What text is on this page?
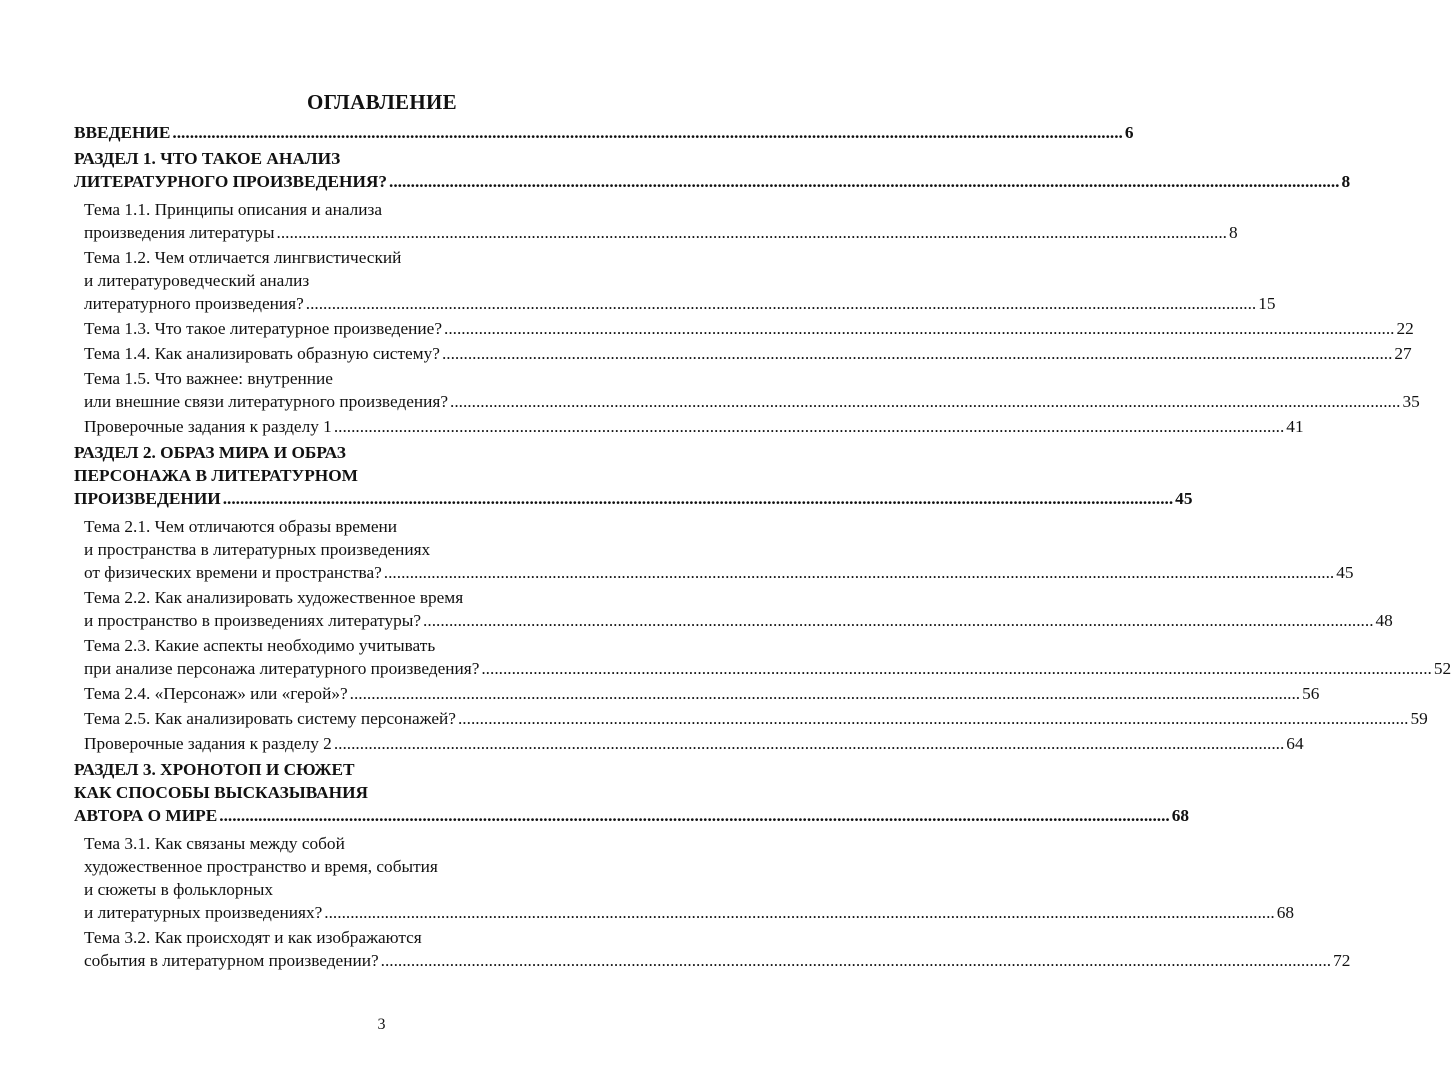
ОГЛАВЛЕНИЕ
ВВЕДЕНИЕ ............................................................................................................................................................................................................................ 6
РАЗДЕЛ 1. ЧТО ТАКОЕ АНАЛИЗ
ЛИТЕРАТУРНОГО ПРОИЗВЕДЕНИЯ? ............................................................................................................................................................................................................................ 8
Тема 1.1. Принципы описания и анализа
произведения литературы ............................................................................................................................................................................................................................ 8
Тема 1.2. Чем отличается лингвистический
и литературоведческий анализ
литературного произведения? ............................................................................................................................................................................................................................ 15
Тема 1.3. Что такое литературное произведение? ............................................................................................................................................................................................................................ 22
Тема 1.4. Как анализировать образную систему? ............................................................................................................................................................................................................................ 27
Тема 1.5. Что важнее: внутренние
или внешние связи литературного произведения? ............................................................................................................................................................................................................................ 35
Проверочные задания к разделу 1 ............................................................................................................................................................................................................................ 41
РАЗДЕЛ 2. ОБРАЗ МИРА И ОБРАЗ
ПЕРСОНАЖА В ЛИТЕРАТУРНОМ
ПРОИЗВЕДЕНИИ ............................................................................................................................................................................................................................ 45
Тема 2.1. Чем отличаются образы времени
и пространства в литературных произведениях
от физических времени и пространства? ............................................................................................................................................................................................................................ 45
Тема 2.2. Как анализировать художественное время
и пространство в произведениях литературы? ............................................................................................................................................................................................................................ 48
Тема 2.3. Какие аспекты необходимо учитывать
при анализе персонажа литературного произведения? ............................................................................................................................................................................................................................ 52
Тема 2.4. «Персонаж» или «герой»? ............................................................................................................................................................................................................................ 56
Тема 2.5. Как анализировать систему персонажей? ............................................................................................................................................................................................................................ 59
Проверочные задания к разделу 2 ............................................................................................................................................................................................................................ 64
РАЗДЕЛ 3. ХРОНОТОП И СЮЖЕТ
КАК СПОСОБЫ ВЫСКАЗЫВАНИЯ
АВТОРА О МИРЕ ............................................................................................................................................................................................................................ 68
Тема 3.1. Как связаны между собой
художественное пространство и время, события
и сюжеты в фольклорных
и литературных произведениях? ............................................................................................................................................................................................................................ 68
Тема 3.2. Как происходят и как изображаются
события в литературном произведении? ............................................................................................................................................................................................................................ 72
3
